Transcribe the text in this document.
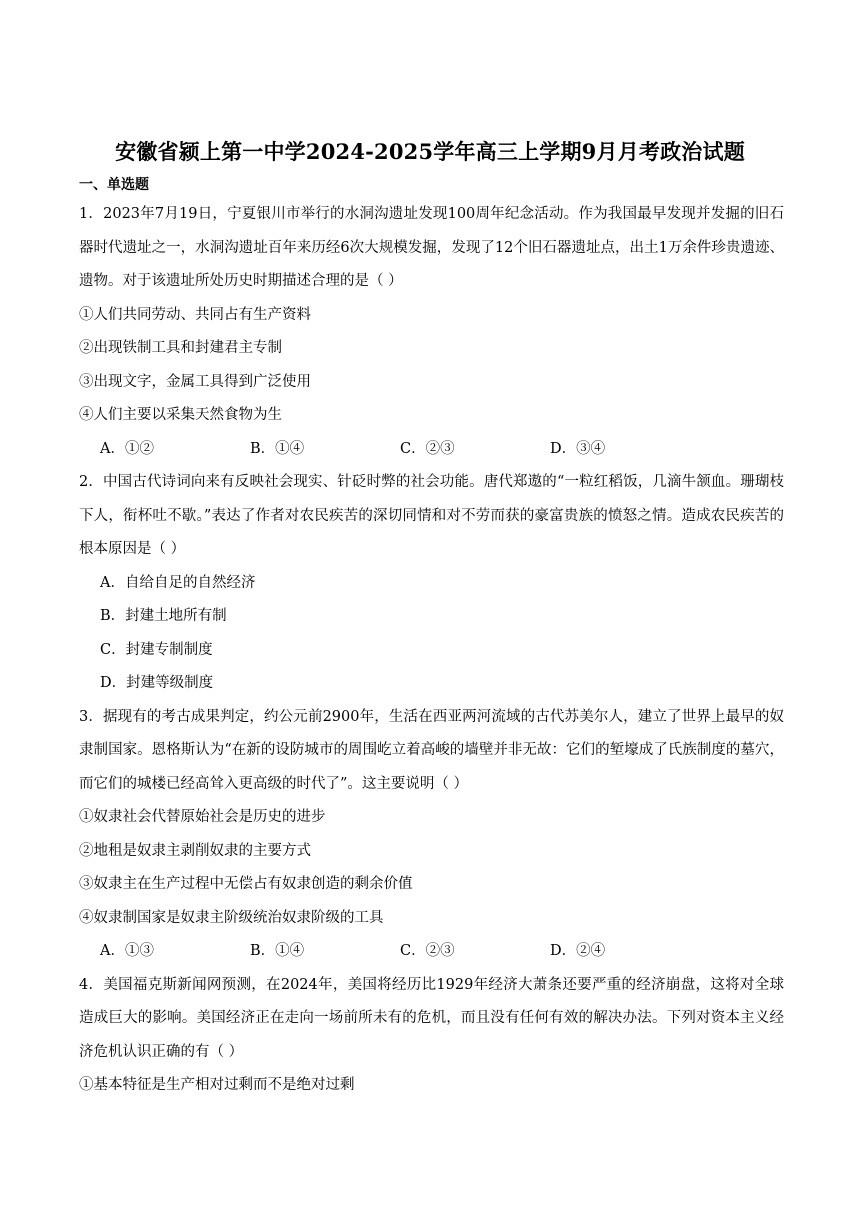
安徽省颍上第一中学2024-2025学年高三上学期9月月考政治试题
一、单选题

1．2023年7月19日，宁夏银川市举行的水洞沟遗址发现100周年纪念活动。作为我国最早发现并发掘的旧石器时代遗址之一，水洞沟遗址百年来历经6次大规模发掘，发现了12个旧石器遗址点，出土1万余件珍贵遗迹、遗物。对于该遗址所处历史时期描述合理的是（ ）

①人们共同劳动、共同占有生产资料

②出现铁制工具和封建君主专制

③出现文字，金属工具得到广泛使用

④人们主要以采集天然食物为生

A．①②	B．①④	C．②③	D．③④

2．中国古代诗词向来有反映社会现实、针砭时弊的社会功能。唐代郑遨的“一粒红稻饭，几滴牛颔血。珊瑚枝下人，衔杯吐不歇。”表达了作者对农民疾苦的深切同情和对不劳而获的豪富贵族的愤怒之情。造成农民疾苦的根本原因是（ ）

A．自给自足的自然经济

B．封建土地所有制

C．封建专制制度

D．封建等级制度

3．据现有的考古成果判定，约公元前2900年，生活在西亚两河流域的古代苏美尔人，建立了世界上最早的奴隶制国家。恩格斯认为“在新的设防城市的周围屹立着高峻的墙壁并非无故：它们的堑壕成了氏族制度的墓穴，而它们的城楼已经高耸入更高级的时代了”。这主要说明（ ）

①奴隶社会代替原始社会是历史的进步

②地租是奴隶主剥削奴隶的主要方式

③奴隶主在生产过程中无偿占有奴隶创造的剩余价值

④奴隶制国家是奴隶主阶级统治奴隶阶级的工具

A．①③	B．①④	C．②③	D．②④

4．美国福克斯新闻网预测，在2024年，美国将经历比1929年经济大萧条还要严重的经济崩盘，这将对全球造成巨大的影响。美国经济正在走向一场前所未有的危机，而且没有任何有效的解决办法。下列对资本主义经济危机认识正确的有（ ）

①基本特征是生产相对过剩而不是绝对过剩
